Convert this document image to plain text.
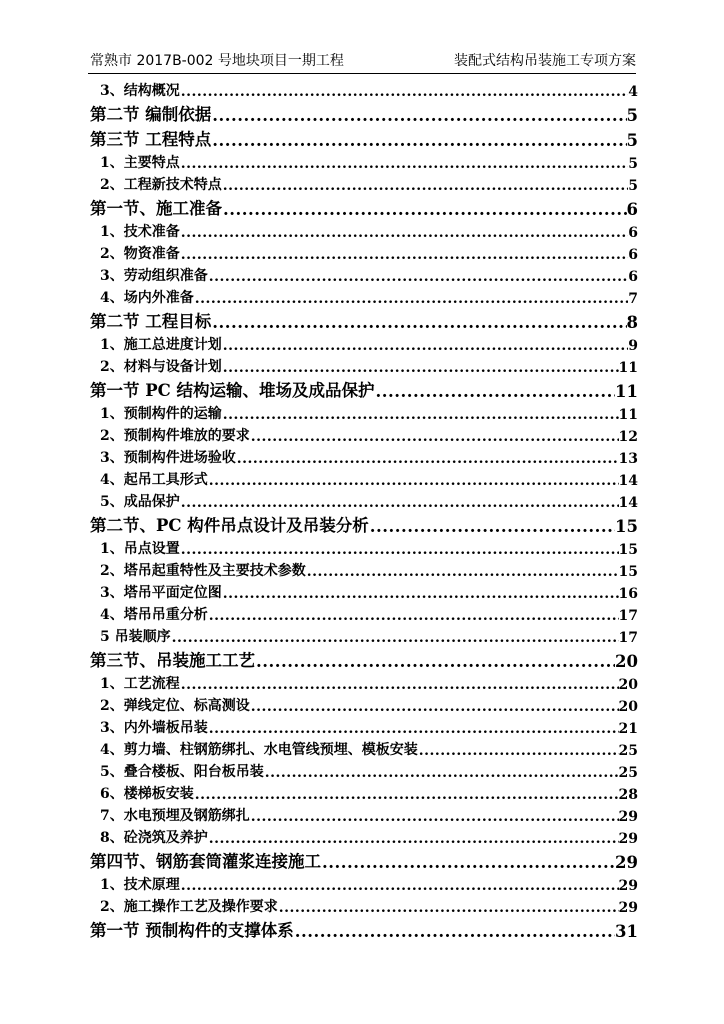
常熟市 2017B-002 号地块项目一期工程	装配式结构吊装施工专项方案
3、结构概况 .....	4
第二节 编制依据 .....	5
第三节 工程特点 .....	5
1、主要特点 .....	5
2、工程新技术特点 .....	5
第一节、施工准备 .....	6
1、技术准备 .....	6
2、物资准备 .....	6
3、劳动组织准备 .....	6
4、场内外准备 .....	7
第二节 工程目标 .....	8
1、施工总进度计划 .....	9
2、材料与设备计划 .....	11
第一节 PC 结构运输、堆场及成品保护 .....	11
1、预制构件的运输 .....	11
2、预制构件堆放的要求 .....	12
3、预制构件进场验收 .....	13
4、起吊工具形式 .....	14
5、成品保护 .....	14
第二节、PC 构件吊点设计及吊装分析 .....	15
1、吊点设置 .....	15
2、塔吊起重特性及主要技术参数 .....	15
3、塔吊平面定位图 .....	16
4、塔吊吊重分析 .....	17
5 吊装顺序 .....	17
第三节、吊装施工工艺 .....	20
1、工艺流程 .....	20
2、弹线定位、标高测设 .....	20
3、内外墙板吊装 .....	21
4、剪力墙、柱钢筋绑扎、水电管线预埋、模板安装 .....	25
5、叠合楼板、阳台板吊装 .....	25
6、楼梯板安装 .....	28
7、水电预埋及钢筋绑扎 .....	29
8、砼浇筑及养护 .....	29
第四节、钢筋套筒灌浆连接施工 .....	29
1、技术原理 .....	29
2、施工操作工艺及操作要求 .....	29
第一节 预制构件的支撑体系 .....	31
